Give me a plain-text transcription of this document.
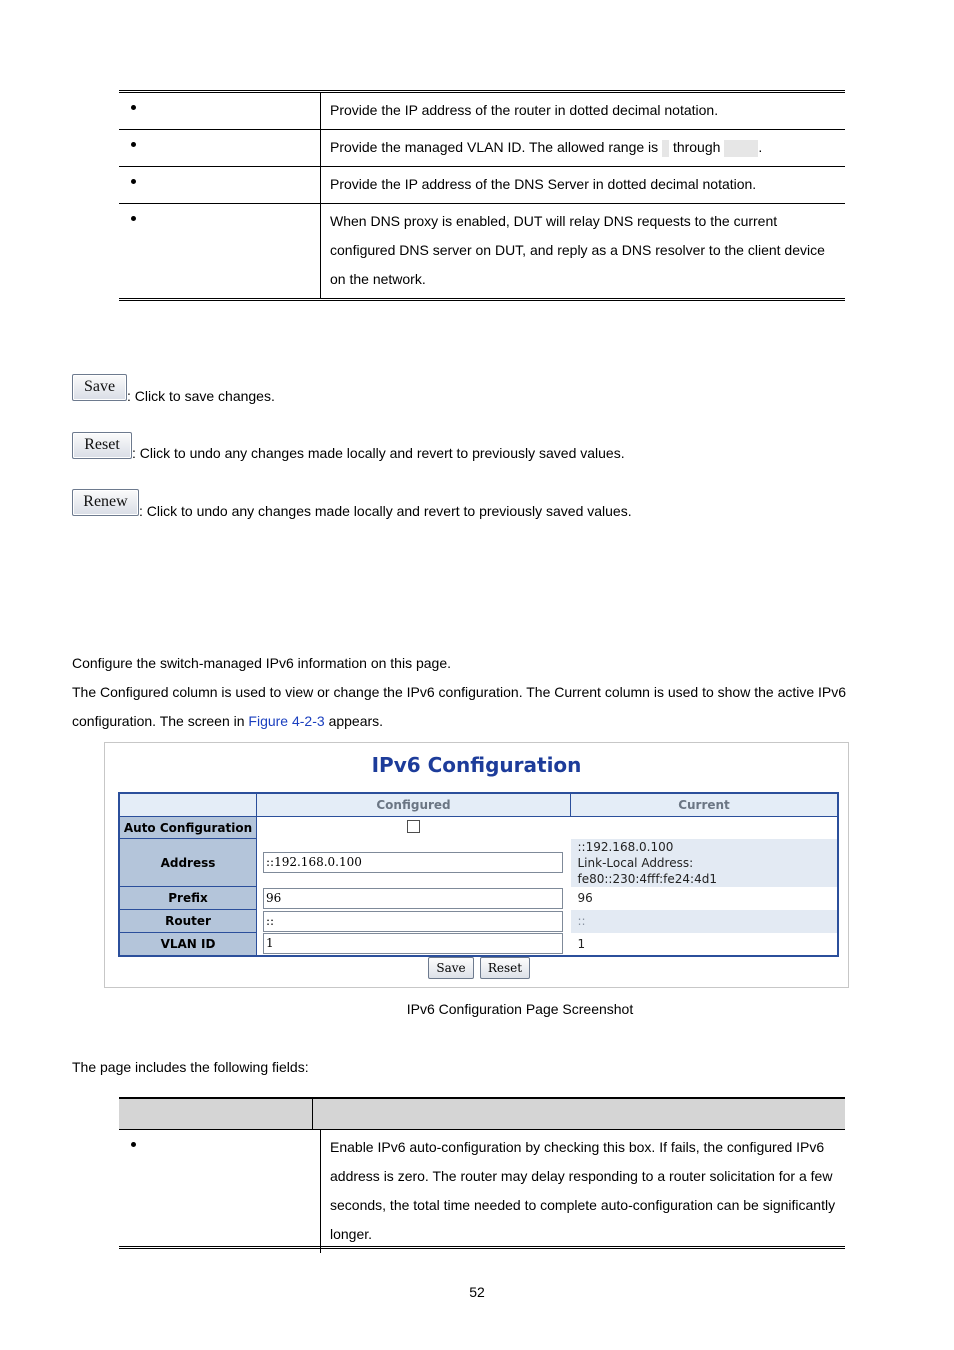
	Provide the IP address of the router in dotted decimal notation.
	Provide the managed VLAN ID. The allowed range is through .
	Provide the IP address of the DNS Server in dotted decimal notation.
	When DNS proxy is enabled, DUT will relay DNS requests to the current configured DNS server on DUT, and reply as a DNS resolver to the client device on the network.
Save
: Click to save changes.
Reset : Click to undo any changes made locally and revert to previously saved values.
Renew
: Click to undo any changes made locally and revert to previously saved values.
Configure the switch-managed IPv6 information on this page.
The Configured column is used to view or change the IPv6 configuration. The Current column is used to show the active IPv6
configuration. The screen in Figure 4-2-3 appears.
IPv6 Configuration
	Configured	Current
Auto Configuration		
Address	::192.168.0.100	::192.168.0.100
Link-Local Address: fe80::230:4fff:fe24:4d1

Prefix	96	96
Router	::	::
VLAN ID	1	1
Save	Reset
IPv6 Configuration Page Screenshot
The page includes the following fields:
	Enable IPv6 auto-configuration by checking this box. If fails, the configured IPv6 address is zero. The router may delay responding to a router solicitation for a few seconds, the total time needed to complete auto-configuration can be significantly longer.
52
